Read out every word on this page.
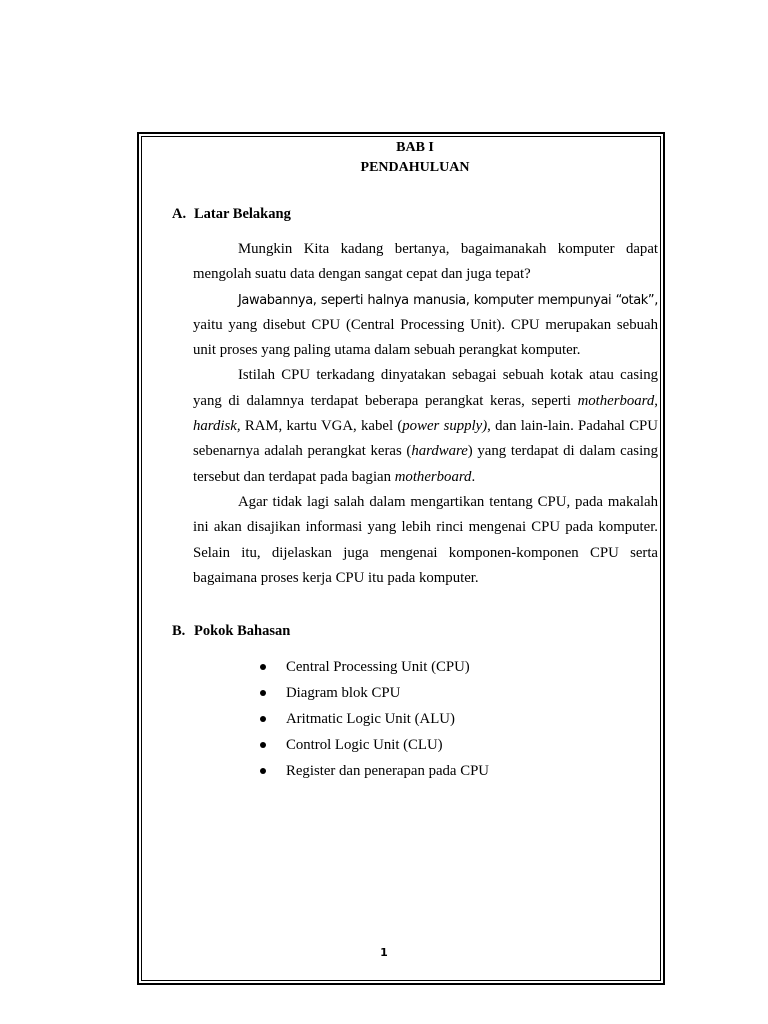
BAB I
PENDAHULUAN
A. Latar Belakang

Mungkin Kita kadang bertanya, bagaimanakah komputer dapat mengolah suatu data dengan sangat cepat dan juga tepat?

Jawabannya, seperti halnya manusia, komputer mempunyai “otak”, yaitu yang disebut CPU (Central Processing Unit). CPU merupakan sebuah unit proses yang paling utama dalam sebuah perangkat komputer.

Istilah CPU terkadang dinyatakan sebagai sebuah kotak atau casing yang di dalamnya terdapat beberapa perangkat keras, seperti motherboard, hardisk, RAM, kartu VGA, kabel (power supply), dan lain-lain. Padahal CPU sebenarnya adalah perangkat keras (hardware) yang terdapat di dalam casing tersebut dan terdapat pada bagian motherboard.

Agar tidak lagi salah dalam mengartikan tentang CPU, pada makalah ini akan disajikan informasi yang lebih rinci mengenai CPU pada komputer. Selain itu, dijelaskan juga mengenai komponen-komponen CPU serta bagaimana proses kerja CPU itu pada komputer.

B. Pokok Bahasan
Central Processing Unit (CPU)
Diagram blok CPU
Aritmatic Logic Unit (ALU)
Control Logic Unit (CLU)
Register dan penerapan pada CPU
1
